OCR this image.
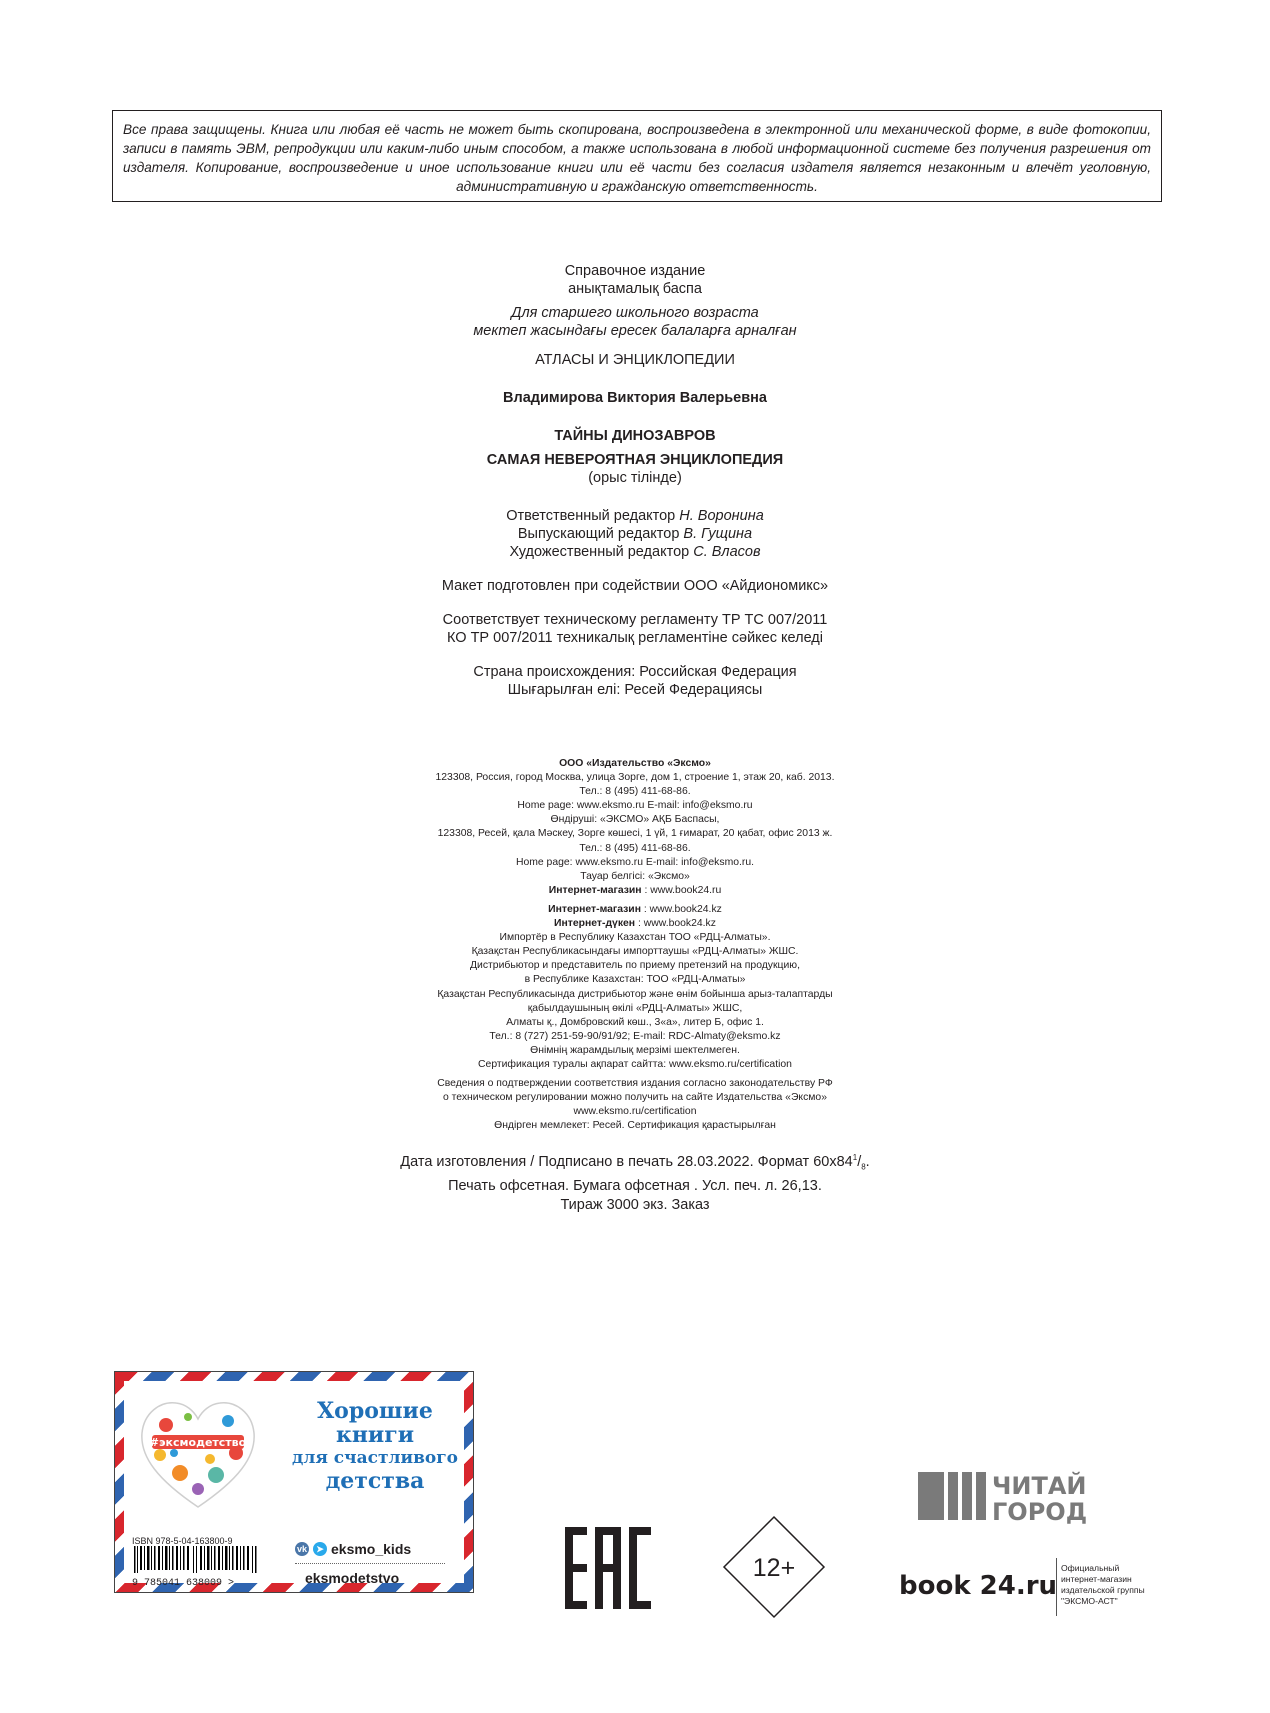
Все права защищены. Книга или любая её часть не может быть скопирована, воспроизведена в электронной или механической форме, в виде фотокопии, записи в память ЭВМ, репродукции или каким-либо иным способом, а также использована в любой информационной системе без получения разрешения от издателя. Копирование, воспроизведение и иное использование книги или её части без согласия издателя является незаконным и влечёт уголовную, административную и гражданскую ответственность.
Справочное издание
анықтамалық баспа
Для старшего школьного возраста
мектеп жасындағы ересек балаларға арналған
АТЛАСЫ И ЭНЦИКЛОПЕДИИ
Владимирова Виктория Валерьевна
ТАЙНЫ ДИНОЗАВРОВ
САМАЯ НЕВЕРОЯТНАЯ ЭНЦИКЛОПЕДИЯ
(орыс тілінде)
Ответственный редактор Н. Воронина
Выпускающий редактор В. Гущина
Художественный редактор С. Власов
Макет подготовлен при содействии ООО «Айдиономикс»
Соответствует техническому регламенту ТР ТС 007/2011
КО ТР 007/2011 техникалық регламентіне сәйкес келеді
Страна происхождения: Российская Федерация
Шығарылған елі: Ресей Федерациясы
ООО «Издательство «Эксмо»
123308, Россия, город Москва, улица Зорге, дом 1, строение 1, этаж 20, каб. 2013.
Тел.: 8 (495) 411-68-86.
Home page: www.eksmo.ru E-mail: info@eksmo.ru
Өндіруші: «ЭКСМО» АҚБ Баспасы,
123308, Ресей, қала Мәскеу, Зорге көшесі, 1 үй, 1 ғимарат, 20 қабат, офис 2013 ж.
Тел.: 8 (495) 411-68-86.
Home page: www.eksmo.ru E-mail: info@eksmo.ru.
Тауар белгісі: «Эксмо»
Интернет-магазин : www.book24.ru
Интернет-магазин : www.book24.kz
Интернет-дүкен : www.book24.kz
Импортёр в Республику Казахстан ТОО «РДЦ-Алматы».
Қазақстан Республикасындағы импорттаушы «РДЦ-Алматы» ЖШС.
Дистрибьютор и представитель по приему претензий на продукцию,
в Республике Казахстан: ТОО «РДЦ-Алматы»
Қазақстан Республикасында дистрибьютор және өнім бойынша арыз-талаптарды
қабылдаушының өкілі «РДЦ-Алматы» ЖШС,
Алматы қ., Домбровский көш., 3«а», литер Б, офис 1.
Тел.: 8 (727) 251-59-90/91/92; E-mail: RDC-Almaty@eksmo.kz
Өнімнің жарамдылық мерзімі шектелмеген.
Сертификация туралы ақпарат сайтта: www.eksmo.ru/certification
Сведения о подтверждении соответствия издания согласно законодательству РФ
о техническом регулировании можно получить на сайте Издательства «Эксмо»
www.eksmo.ru/certification
Өндірген мемлекет: Ресей. Сертификация қарастырылған
Дата изготовления / Подписано в печать 28.03.2022. Формат $60х84^1/_8$.
Печать офсетная. Бумага офсетная . Усл. печ. л. 26,13.
Тираж 3000 экз. Заказ
#эксмодетство
Хорошие
книги
для счастливого
детства
ISBN 978-5-04-163800-9
9 785041 638009 >
vk	➤ eksmo_kids
eksmodetstvo	12+
ЧИТАЙ
ГОРОД
book 24.ru
Официальный
интернет-магазин
издательской группы
"ЭКСМО-АСТ"
